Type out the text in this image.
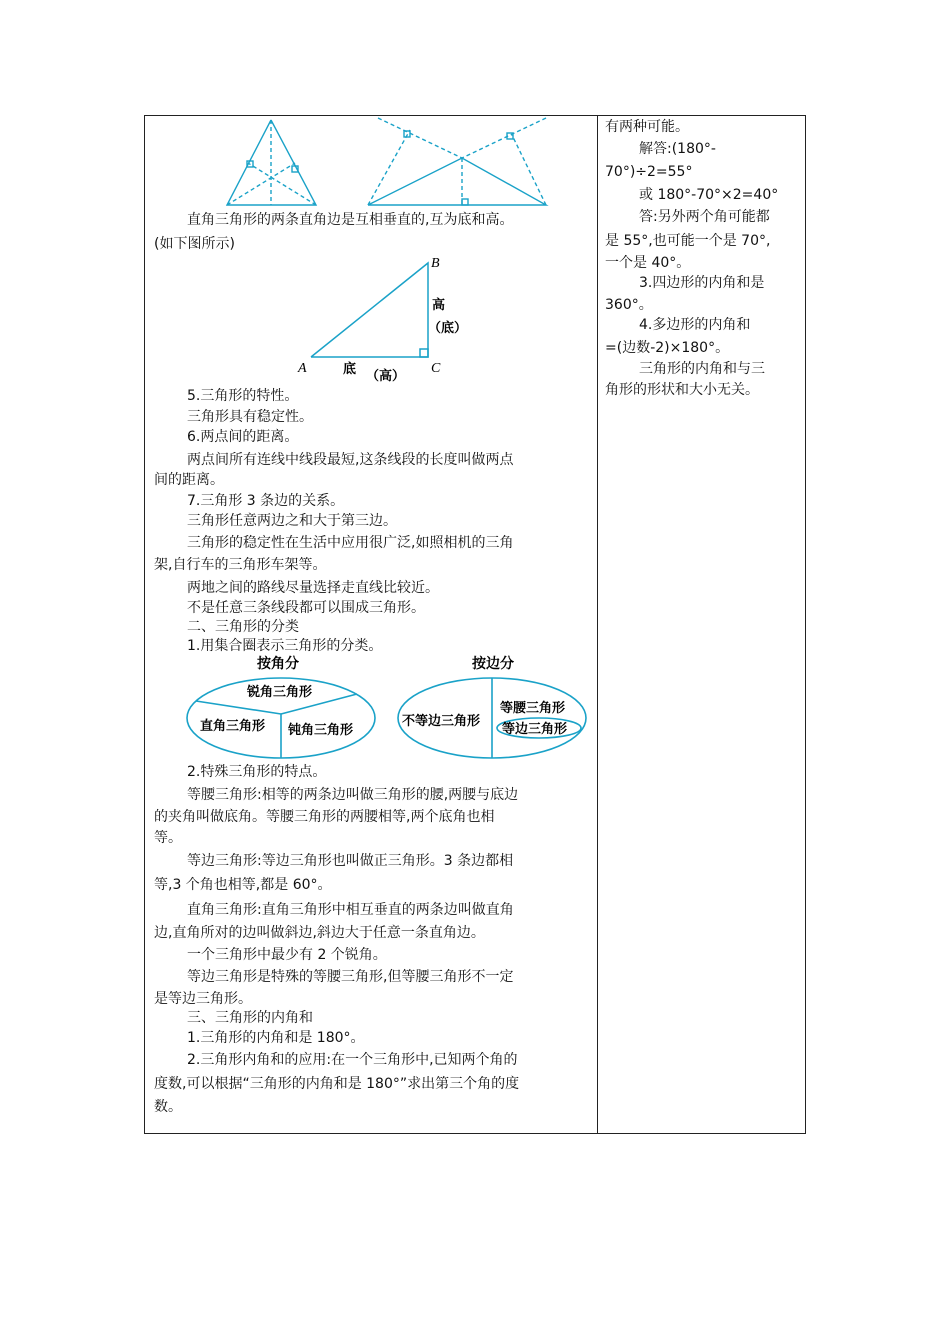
直角三角形的两条直角边是互相垂直的,互为底和高。
(如下图所示)
B
A	C
高
（底）
底 （高）
5.三角形的特性。
三角形具有稳定性。
6.两点间的距离。
两点间所有连线中线段最短,这条线段的长度叫做两点
间的距离。
7.三角形 3 条边的关系。
三角形任意两边之和大于第三边。
三角形的稳定性在生活中应用很广泛,如照相机的三角
架,自行车的三角形车架等。
两地之间的路线尽量选择走直线比较近。
不是任意三条线段都可以围成三角形。
二、三角形的分类
1.用集合圈表示三角形的分类。
按角分	按边分
锐角三角形
直角三角形 钝角三角形
不等边三角形
等腰三角形
等边三角形
2.特殊三角形的特点。
等腰三角形:相等的两条边叫做三角形的腰,两腰与底边
的夹角叫做底角。等腰三角形的两腰相等,两个底角也相
等。
等边三角形:等边三角形也叫做正三角形。3 条边都相
等,3 个角也相等,都是 60°。
直角三角形:直角三角形中相互垂直的两条边叫做直角
边,直角所对的边叫做斜边,斜边大于任意一条直角边。
一个三角形中最少有 2 个锐角。
等边三角形是特殊的等腰三角形,但等腰三角形不一定
是等边三角形。
三、三角形的内角和
1.三角形的内角和是 180°。
2.三角形内角和的应用:在一个三角形中,已知两个角的
度数,可以根据“三角形的内角和是 180°”求出第三个角的度
数。
有两种可能。
解答:(180°-
70°)÷2=55°
或 180°-70°×2=40°
答:另外两个角可能都
是 55°,也可能一个是 70°,
一个是 40°。
3.四边形的内角和是
360°。
4.多边形的内角和
=(边数-2)×180°。
三角形的内角和与三
角形的形状和大小无关。
